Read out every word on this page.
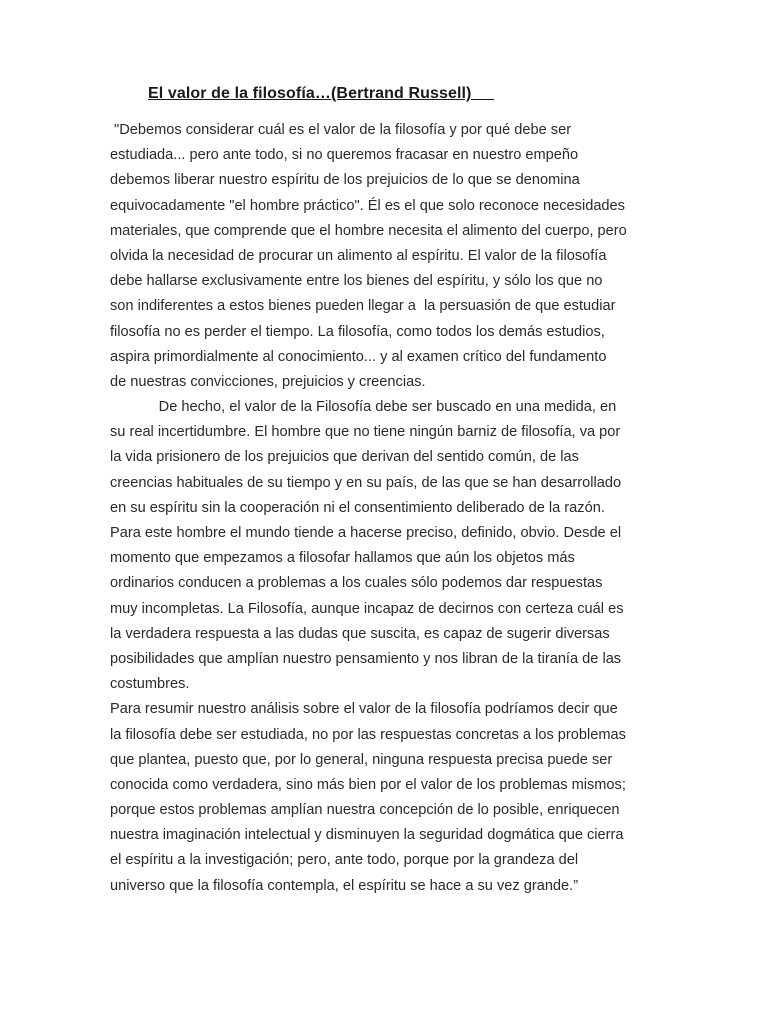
El valor de la filosofía…(Bertrand Russell)
"Debemos considerar cuál es el valor de la filosofía y por qué debe ser
estudiada... pero ante todo, si no queremos fracasar en nuestro empeño
debemos liberar nuestro espíritu de los prejuicios de lo que se denomina
equivocadamente "el hombre práctico". Él es el que solo reconoce necesidades
materiales, que comprende que el hombre necesita el alimento del cuerpo, pero
olvida la necesidad de procurar un alimento al espíritu. El valor de la filosofía
debe hallarse exclusivamente entre los bienes del espíritu, y sólo los que no
son indiferentes a estos bienes pueden llegar a  la persuasión de que estudiar
filosofía no es perder el tiempo. La filosofía, como todos los demás estudios,
aspira primordialmente al conocimiento... y al examen crítico del fundamento
de nuestras convicciones, prejuicios y creencias.
De hecho, el valor de la Filosofía debe ser buscado en una medida, en
su real incertidumbre. El hombre que no tiene ningún barniz de filosofía, va por
la vida prisionero de los prejuicios que derivan del sentido común, de las
creencias habituales de su tiempo y en su país, de las que se han desarrollado
en su espíritu sin la cooperación ni el consentimiento deliberado de la razón.
Para este hombre el mundo tiende a hacerse preciso, definido, obvio. Desde el
momento que empezamos a filosofar hallamos que aún los objetos más
ordinarios conducen a problemas a los cuales sólo podemos dar respuestas
muy incompletas. La Filosofía, aunque incapaz de decirnos con certeza cuál es
la verdadera respuesta a las dudas que suscita, es capaz de sugerir diversas
posibilidades que amplían nuestro pensamiento y nos libran de la tiranía de las
costumbres.
Para resumir nuestro análisis sobre el valor de la filosofía podríamos decir que
la filosofía debe ser estudiada, no por las respuestas concretas a los problemas
que plantea, puesto que, por lo general, ninguna respuesta precisa puede ser
conocida como verdadera, sino más bien por el valor de los problemas mismos;
porque estos problemas amplían nuestra concepción de lo posible, enriquecen
nuestra imaginación intelectual y disminuyen la seguridad dogmática que cierra
el espíritu a la investigación; pero, ante todo, porque por la grandeza del
universo que la filosofía contempla, el espíritu se hace a su vez grande.”
